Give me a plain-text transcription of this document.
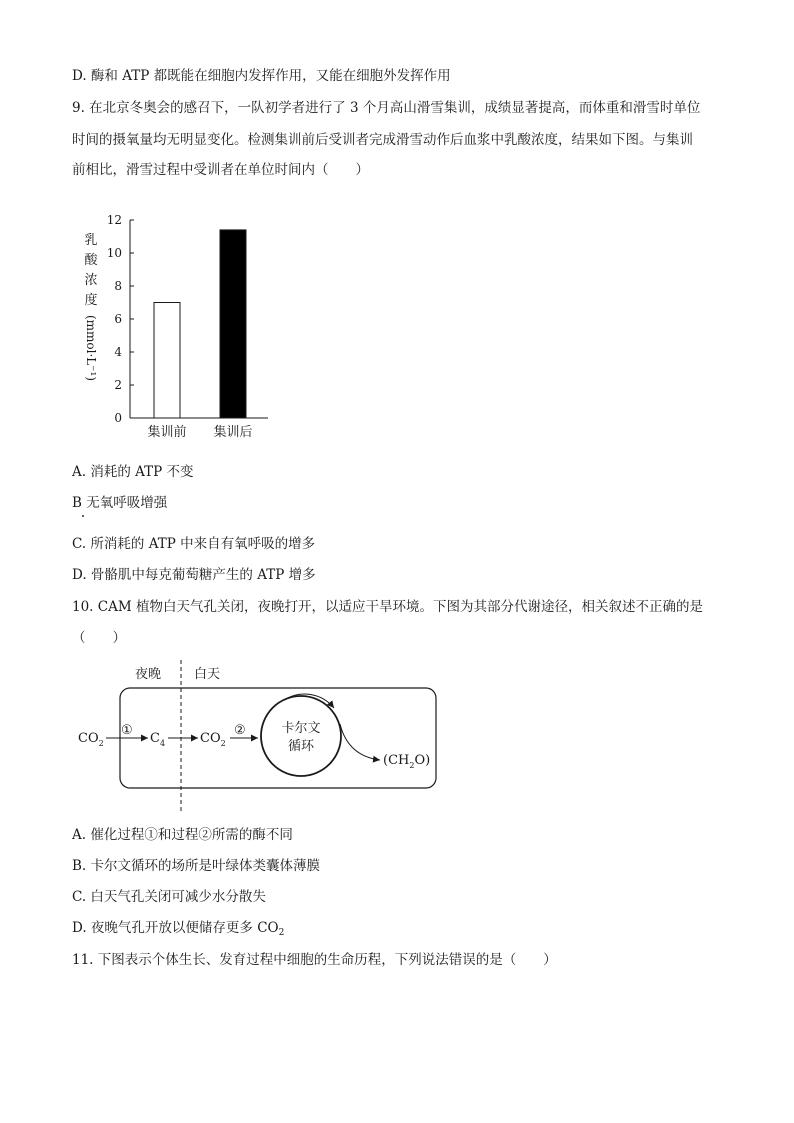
D. 酶和 ATP 都既能在细胞内发挥作用，又能在细胞外发挥作用
9. 在北京冬奥会的感召下，一队初学者进行了 3 个月高山滑雪集训，成绩显著提高，而体重和滑雪时单位
时间的摄氧量均无明显变化。检测集训前后受训者完成滑雪动作后血浆中乳酸浓度，结果如下图。与集训
前相比，滑雪过程中受训者在单位时间内（　　）
乳
酸
浓
度
(mmol·L⁻¹)
0
2
4
6
8
10
12
集训前 集训后
A. 消耗的 ATP 不变
B 无氧呼吸增强
C. 所消耗的 ATP 中来自有氧呼吸的增多
D. 骨骼肌中每克葡萄糖产生的 ATP 增多
10. CAM 植物白天气孔关闭，夜晚打开，以适应干旱环境。下图为其部分代谢途径，相关叙述不正确的是
（　　）
夜晚	白天
$CO_2$
①
$C_4$	$CO_2$
②	卡尔文
循环
$(CH_2O)$
A. 催化过程①和过程②所需的酶不同
B. 卡尔文循环的场所是叶绿体类囊体薄膜
C. 白天气孔关闭可减少水分散失
D. 夜晚气孔开放以便储存更多 $CO_2$
11. 下图表示个体生长、发育过程中细胞的生命历程，下列说法错误的是（　　）
